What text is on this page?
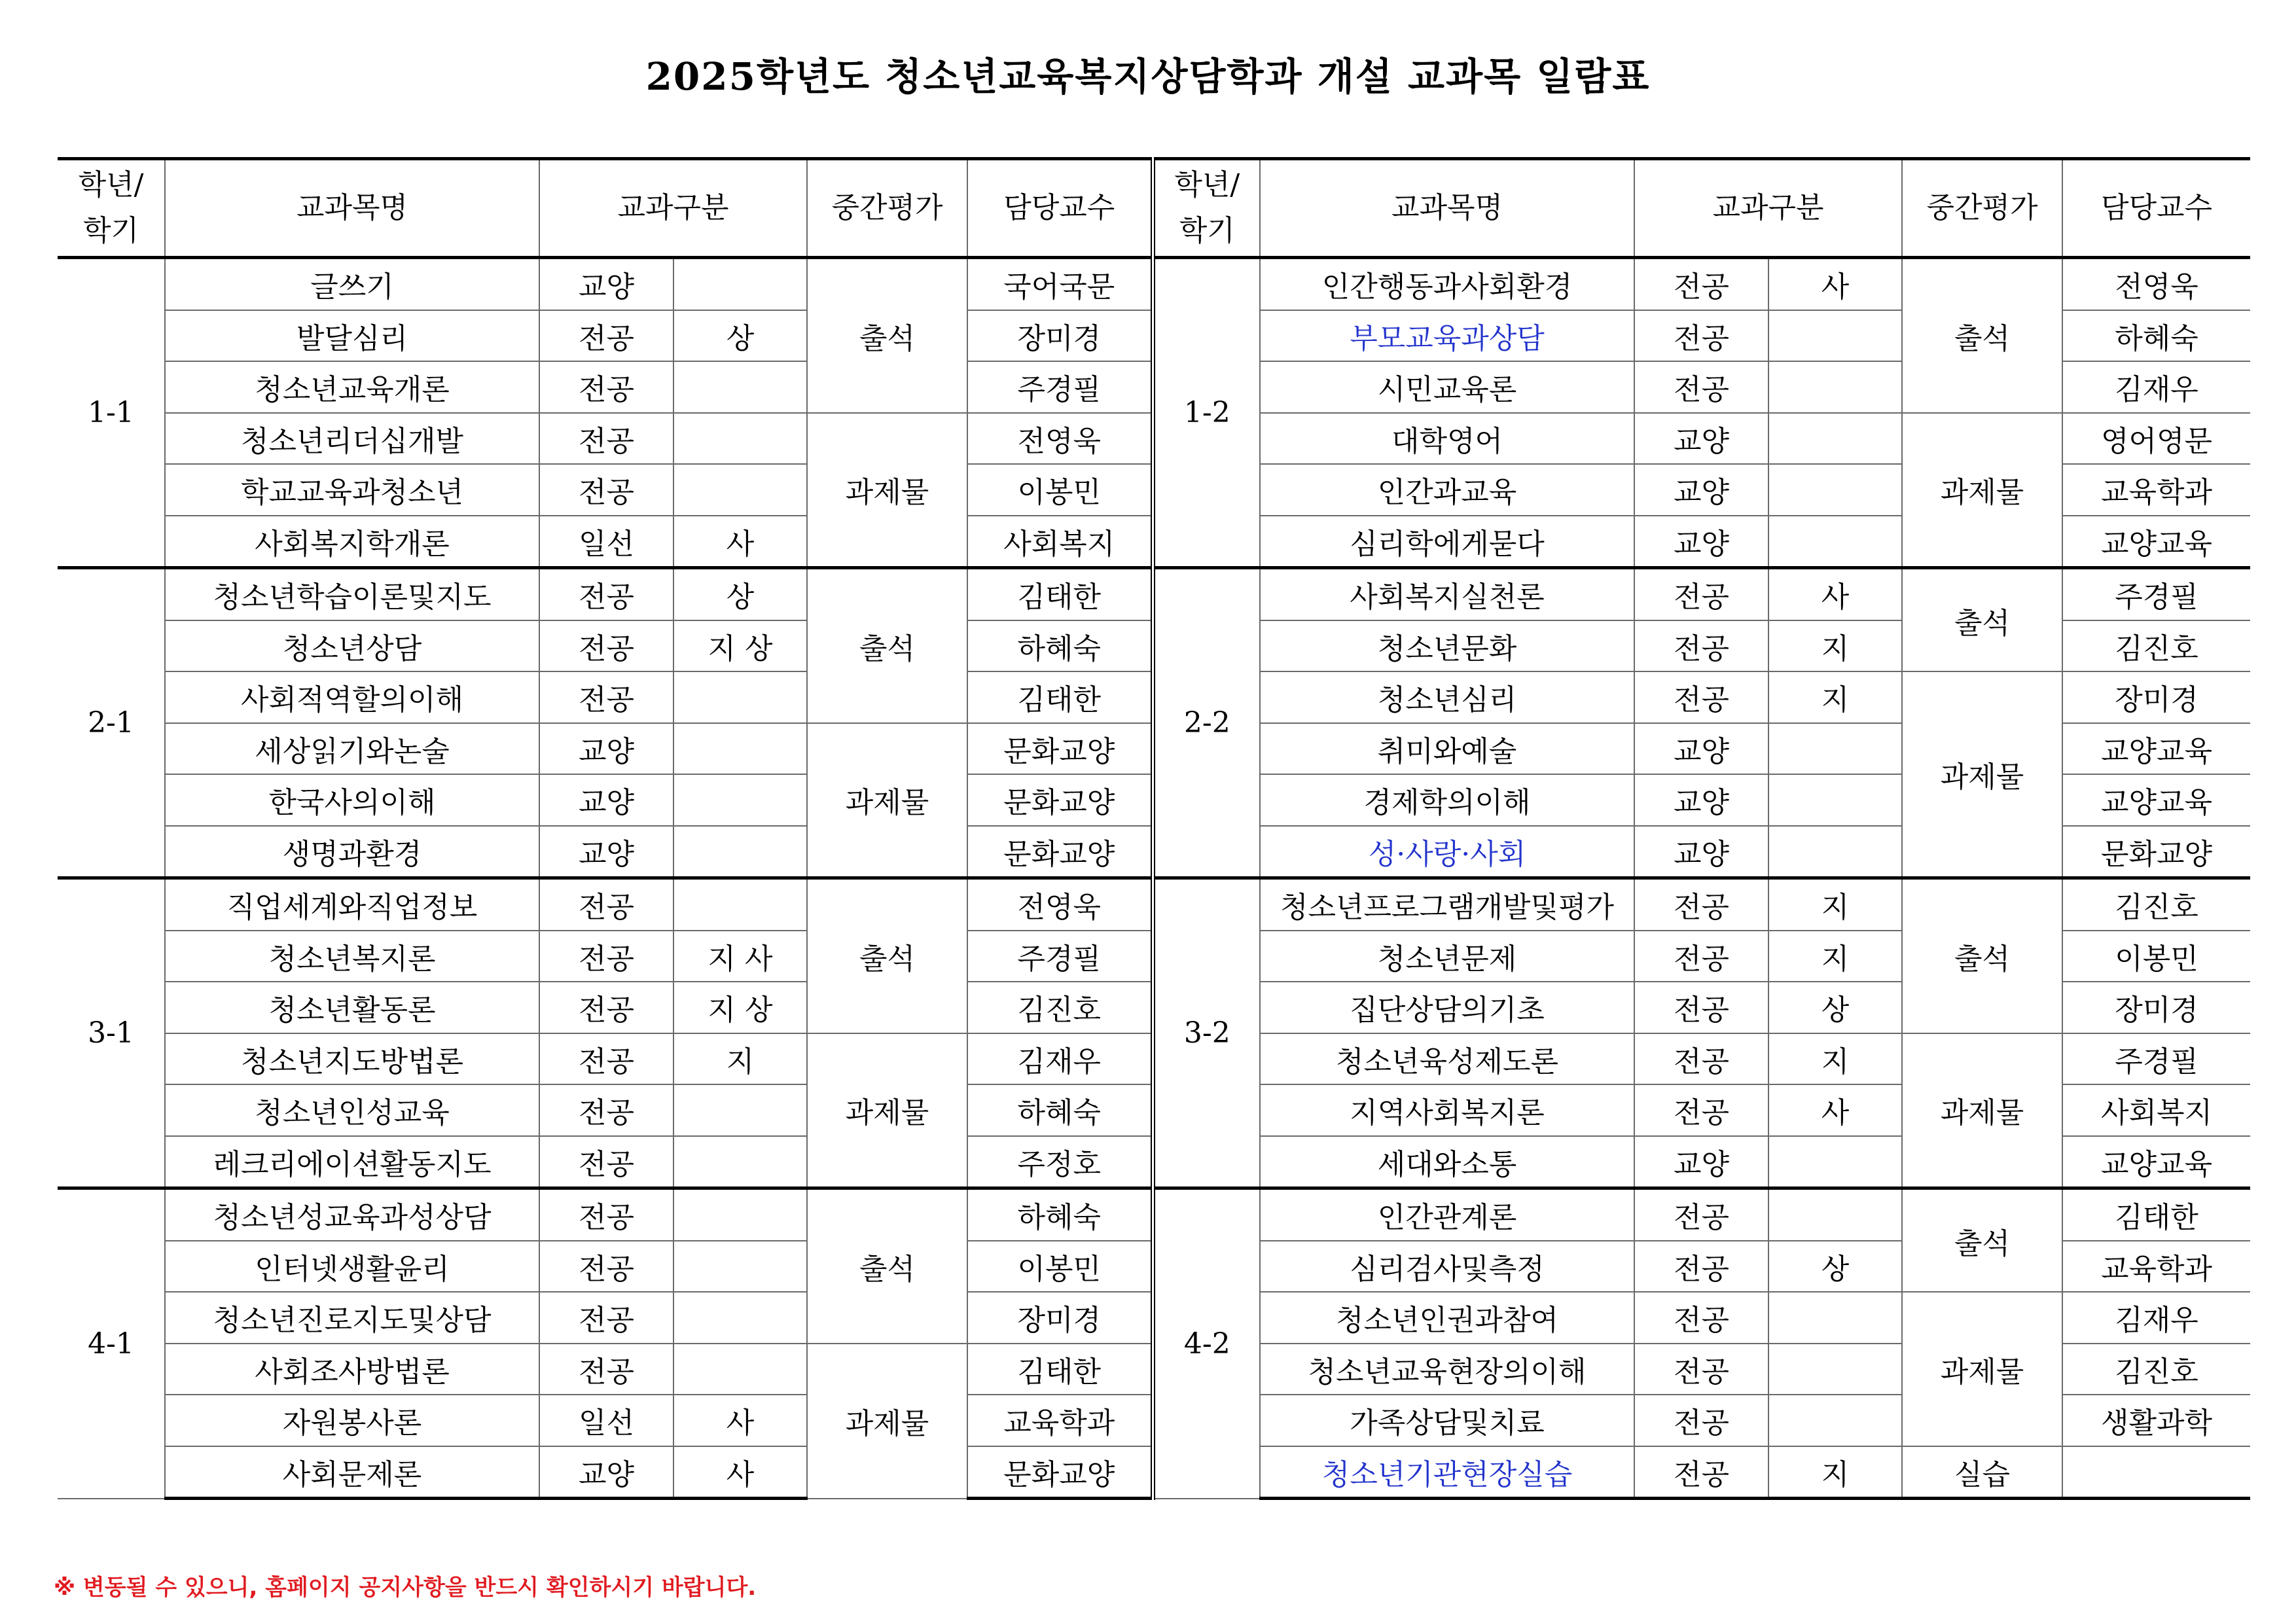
2025학년도 청소년교육복지상담학과 개설 교과목 일람표
학년/
학기	교과목명	교과구분		중간평가	담당교수	학년/
학기	교과목명	교과구분		중간평가	담당교수
1-1	글쓰기	교양		출석	국어국문	1-2	인간행동과사회환경	전공	사	출석	전영욱
	발달심리	전공	상		장미경		부모교육과상담	전공			하혜숙
	청소년교육개론	전공			주경필		시민교육론	전공			김재우
	청소년리더십개발	전공		과제물	전영욱		대학영어	교양		과제물	영어영문
	학교교육과청소년	전공			이봉민		인간과교육	교양			교육학과
	사회복지학개론	일선	사		사회복지		심리학에게묻다	교양			교양교육
2-1	청소년학습이론및지도	전공	상	출석	김태한	2-2	사회복지실천론	전공	사	출석	주경필
	청소년상담	전공	지 상		하혜숙		청소년문화	전공	지		김진호
	사회적역할의이해	전공			김태한		청소년심리	전공	지	과제물	장미경
	세상읽기와논술	교양		과제물	문화교양		취미와예술	교양			교양교육
	한국사의이해	교양			문화교양		경제학의이해	교양			교양교육
	생명과환경	교양			문화교양		성·사랑·사회	교양			문화교양
3-1	직업세계와직업정보	전공		출석	전영욱	3-2	청소년프로그램개발및평가	전공	지	출석	김진호
	청소년복지론	전공	지 사		주경필		청소년문제	전공	지		이봉민
	청소년활동론	전공	지 상		김진호		집단상담의기초	전공	상		장미경
	청소년지도방법론	전공	지	과제물	김재우		청소년육성제도론	전공	지	과제물	주경필
	청소년인성교육	전공			하혜숙		지역사회복지론	전공	사		사회복지
	레크리에이션활동지도	전공			주정호		세대와소통	교양			교양교육
4-1	청소년성교육과성상담	전공		출석	하혜숙	4-2	인간관계론	전공		출석	김태한
	인터넷생활윤리	전공			이봉민		심리검사및측정	전공	상		교육학과
	청소년진로지도및상담	전공			장미경		청소년인권과참여	전공		과제물	김재우
	사회조사방법론	전공		과제물	김태한		청소년교육현장의이해	전공			김진호
	자원봉사론	일선	사		교육학과		가족상담및치료	전공			생활과학
	사회문제론	교양	사		문화교양		청소년기관현장실습	전공	지	실습	
※ 변동될 수 있으니, 홈페이지 공지사항을 반드시 확인하시기 바랍니다.
